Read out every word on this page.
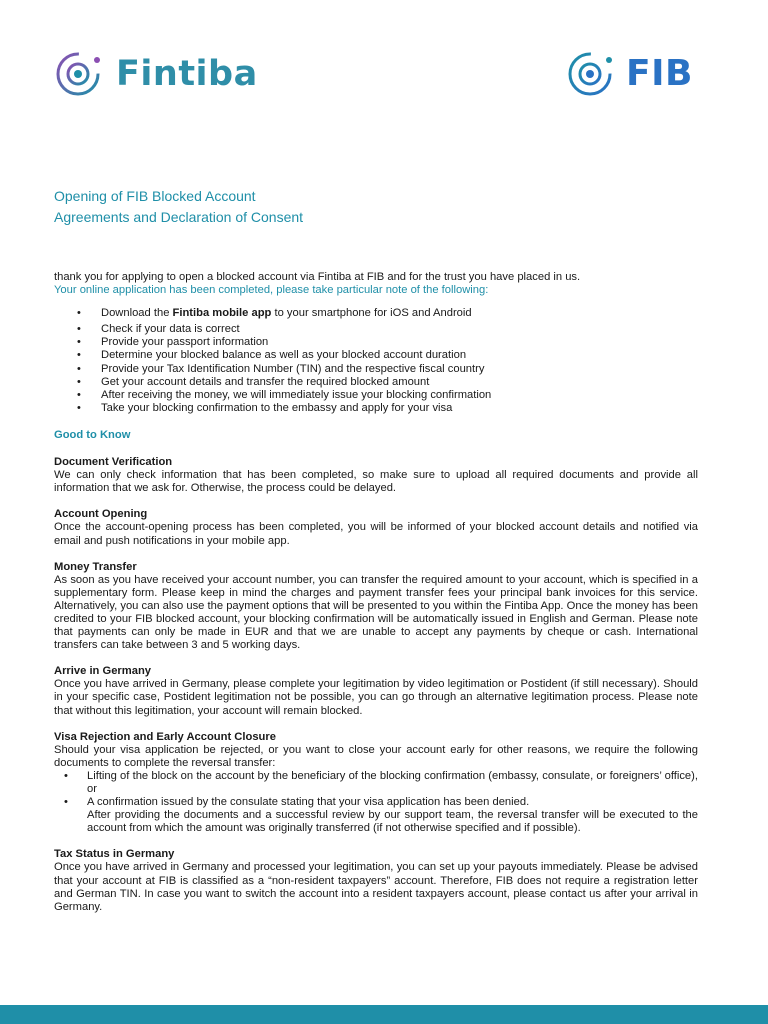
Fintiba	FIB

Opening of FIB Blocked Account

Agreements and Declaration of Consent

thank you for applying to open a blocked account via Fintiba at FIB and for the trust you have placed in us.

Your online application has been completed, please take particular note of the following:

• Download the Fintiba mobile app to your smartphone for iOS and Android
• Check if your data is correct
• Provide your passport information
• Determine your blocked balance as well as your blocked account duration
• Provide your Tax Identification Number (TIN) and the respective fiscal country
• Get your account details and transfer the required blocked amount
• After receiving the money, we will immediately issue your blocking confirmation
• Take your blocking confirmation to the embassy and apply for your visa

Good to Know

Document Verification

We can only check information that has been completed, so make sure to upload all required documents and provide all information that we ask for. Otherwise, the process could be delayed.

Account Opening

Once the account-opening process has been completed, you will be informed of your blocked account details and notified via email and push notifications in your mobile app.

Money Transfer

As soon as you have received your account number, you can transfer the required amount to your account, which is specified in a supplementary form. Please keep in mind the charges and payment transfer fees your principal bank invoices for this service. Alternatively, you can also use the payment options that will be presented to you within the Fintiba App. Once the money has been credited to your FIB blocked account, your blocking confirmation will be automatically issued in English and German. Please note that payments can only be made in EUR and that we are unable to accept any payments by cheque or cash. International transfers can take between 3 and 5 working days.

Arrive in Germany

Once you have arrived in Germany, please complete your legitimation by video legitimation or Postident (if still necessary). Should in your specific case, Postident legitimation not be possible, you can go through an alternative legitimation process. Please note that without this legitimation, your account will remain blocked.

Visa Rejection and Early Account Closure

Should your visa application be rejected, or you want to close your account early for other reasons, we require the following documents to complete the reversal transfer:

• Lifting of the block on the account by the beneficiary of the blocking confirmation (embassy, consulate, or foreigners’ office), or
• A confirmation issued by the consulate stating that your visa application has been denied.
After providing the documents and a successful review by our support team, the reversal transfer will be executed to the account from which the amount was originally transferred (if not otherwise specified and if possible).

Tax Status in Germany

Once you have arrived in Germany and processed your legitimation, you can set up your payouts immediately. Please be advised that your account at FIB is classified as a “non-resident taxpayers” account. Therefore, FIB does not require a registration letter and German TIN. In case you want to switch the account into a resident taxpayers account, please contact us after your arrival in Germany.
